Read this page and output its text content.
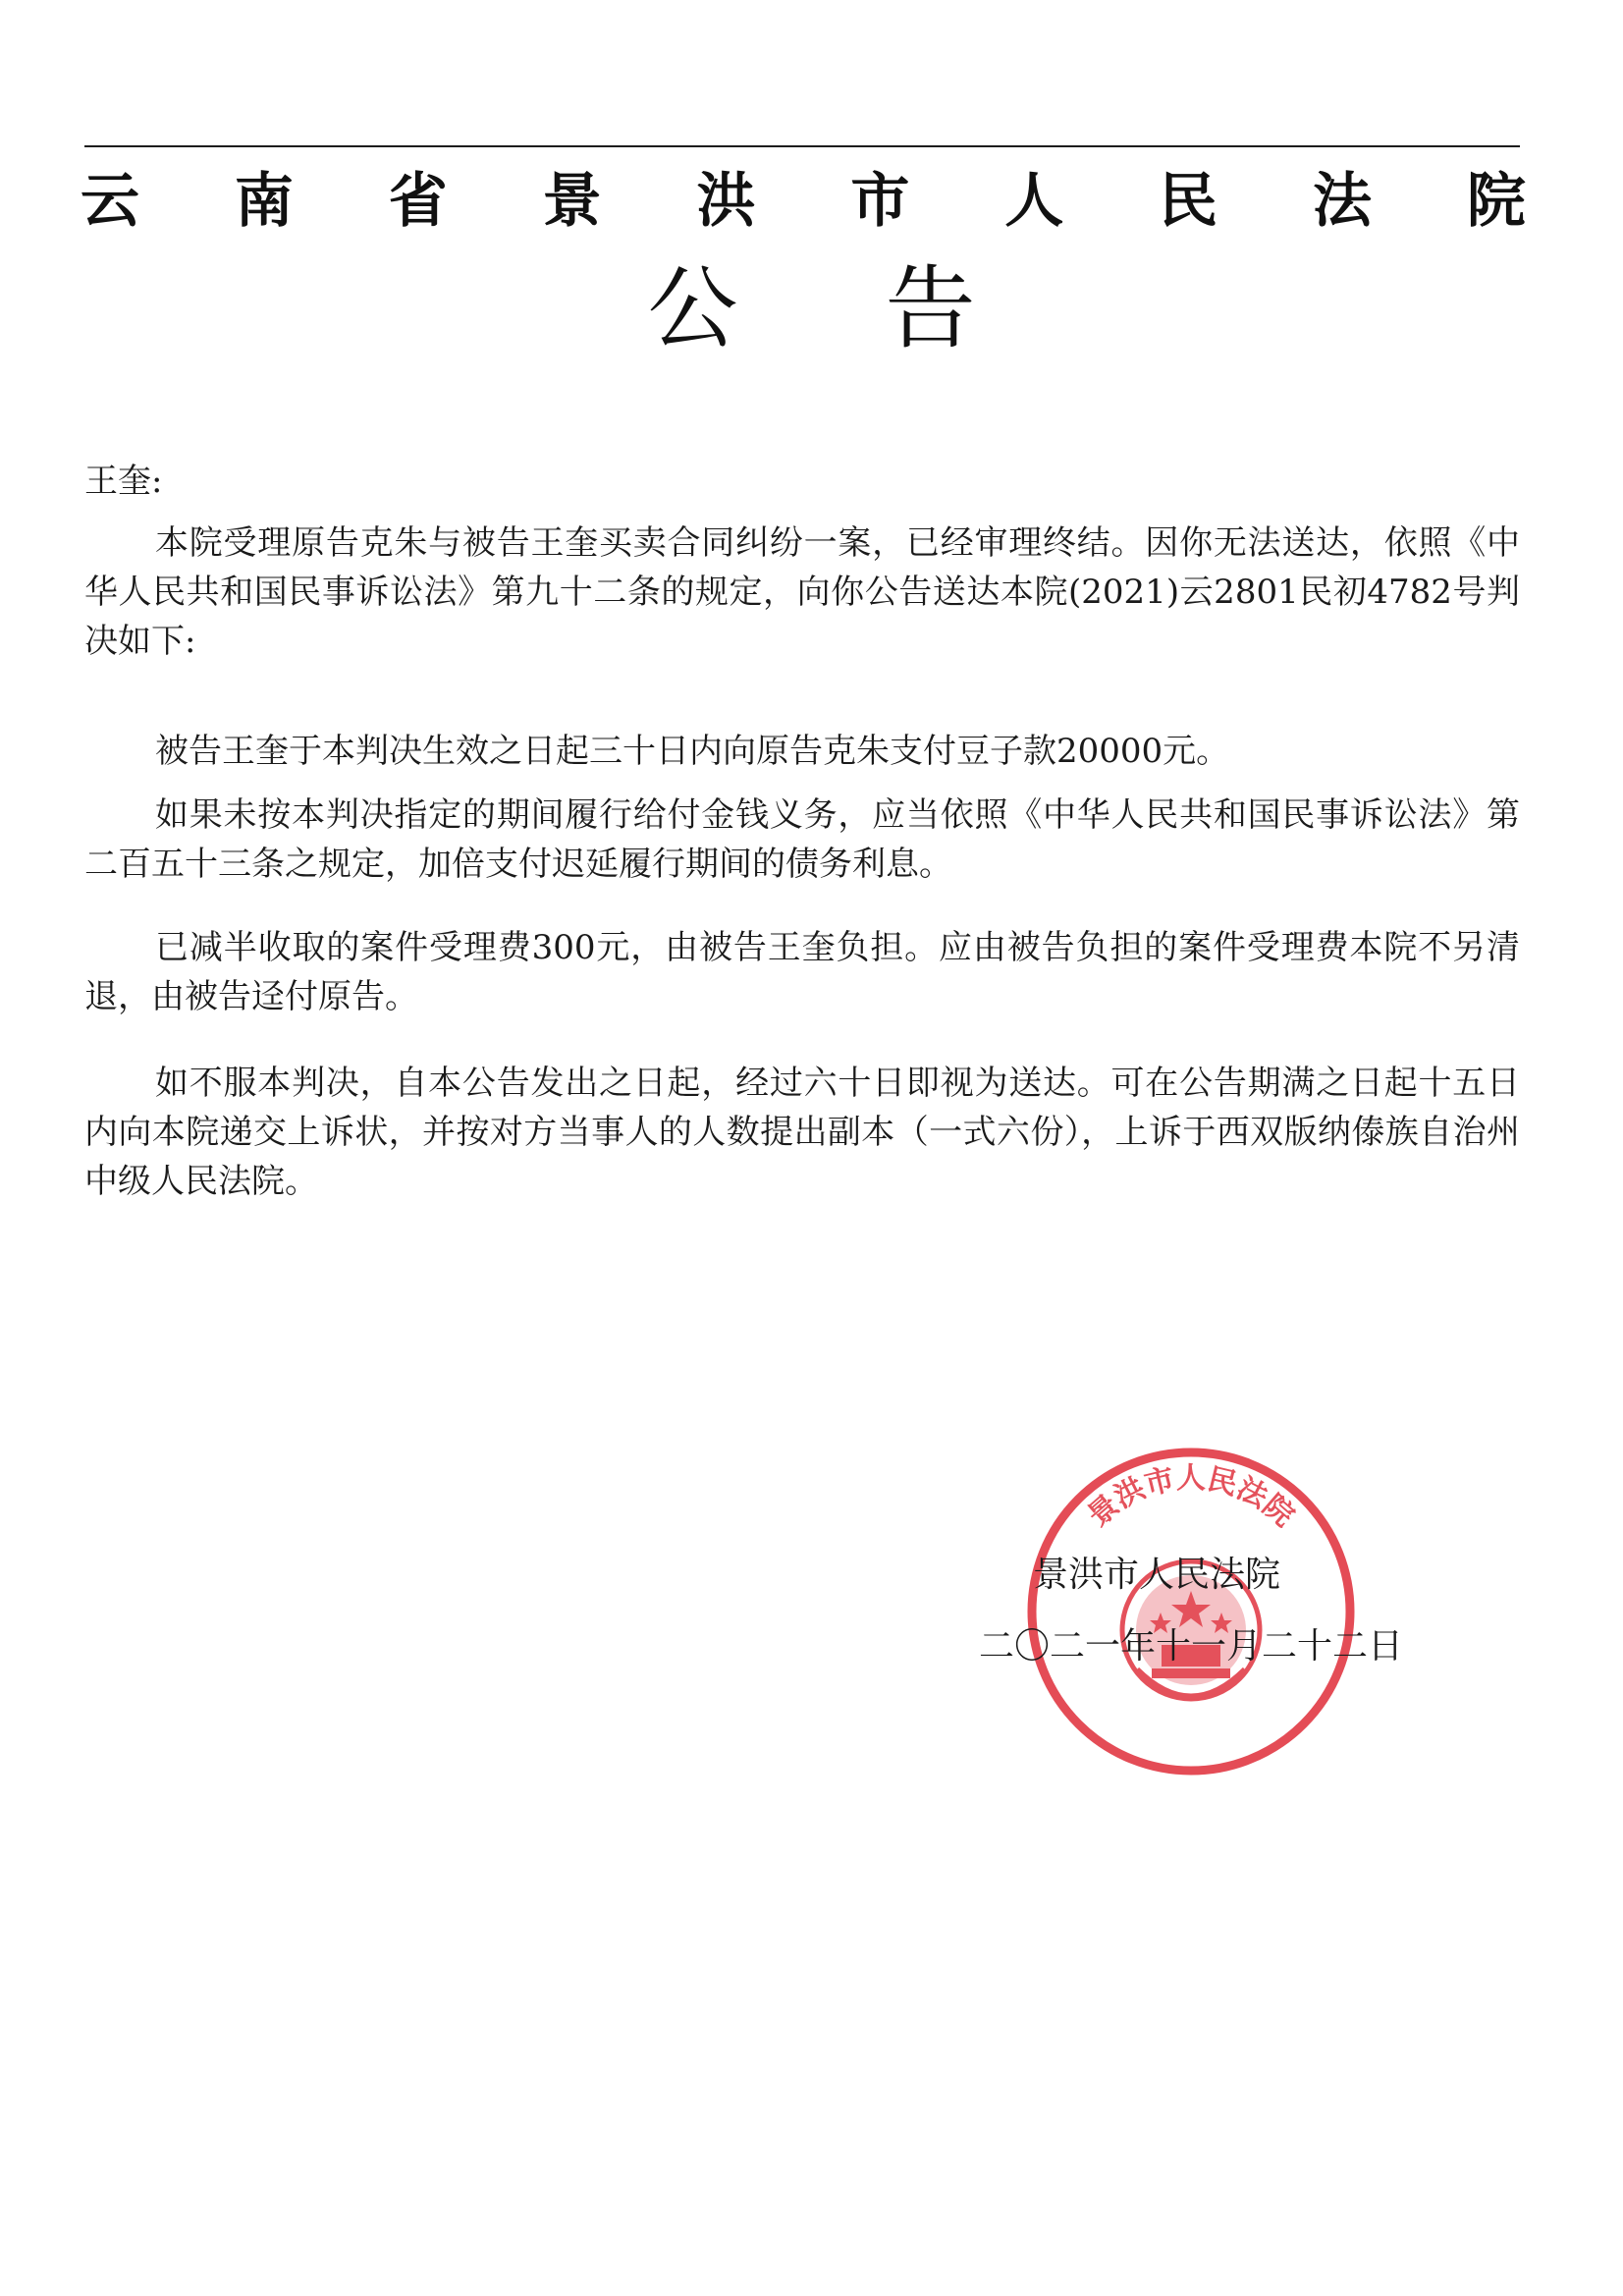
云 南 省 景 洪 市 人 民 法 院
公 告

王奎:

本院受理原告克朱与被告王奎买卖合同纠纷一案，已经审理终结。因你无法送达，依照《中华人民共和国民事诉讼法》第九十二条的规定，向你公告送达本院(2021)云2801民初4782号判决如下:

被告王奎于本判决生效之日起三十日内向原告克朱支付豆子款20000元。

如果未按本判决指定的期间履行给付金钱义务，应当依照《中华人民共和国民事诉讼法》第二百五十三条之规定，加倍支付迟延履行期间的债务利息。

已减半收取的案件受理费300元，由被告王奎负担。应由被告负担的案件受理费本院不另清退，由被告迳付原告。

如不服本判决，自本公告发出之日起，经过六十日即视为送达。可在公告期满之日起十五日内向本院递交上诉状，并按对方当事人的人数提出副本（一式六份），上诉于西双版纳傣族自治州中级人民法院。

景洪市人民法院
景洪市人民法院
二〇二一年十一月二十二日
